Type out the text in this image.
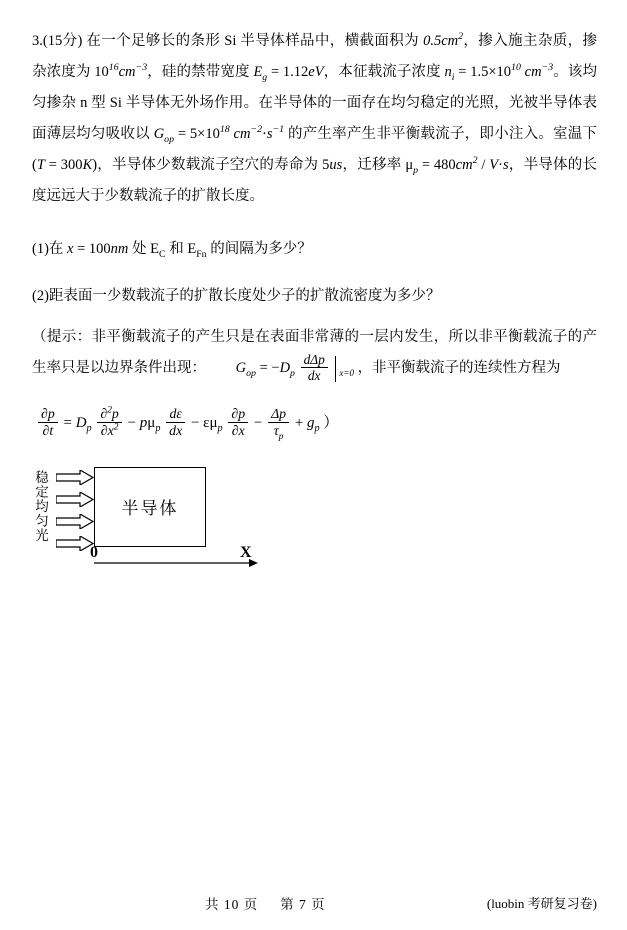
3.(15分) 在一个足够长的条形 Si 半导体样品中，横截面积为 $0.5cm^2$，掺入施主杂质，掺杂浓度为 $10^{16}cm^{-3}$，硅的禁带宽度 $E_g = 1.12eV$，本征载流子浓度 $n_i = 1.5\times 10^{10}$ $cm^{-3}$。该均匀掺杂 n 型 Si 半导体无外场作用。在半导体的一面存在均匀稳定的光照，光被半导体表面薄层均匀吸收以 $G_{op} = 5\times 10^{18}$ $cm^{-2}\cdot s^{-1}$ 的产生率产生非平衡载流子，即小注入。室温下(T = 300K)，半导体少数载流子空穴的寿命为 5us，迁移率 $\mu_p = 480cm^2 / V\cdot s$，半导体的长度远远大于少数载流子的扩散长度。
(1)在 x = 100nm 处 $E_C$ 和 $E_{Fn}$ 的间隔为多少？
(2)距表面一少数载流子的扩散长度处少子的扩散流密度为多少？
（提示：非平衡载流子的产生只是在表面非常薄的一层内发生，所以非平衡载流子的产生率只是以边界条件出现： $G_{op} = -D_p \frac{\text{dΔp}}{dx} _{x=0}$ ，非平衡载流子的连续性方程为
$\frac{\partial p}{\partial t} = D_p \frac{\partial^2p}{\partial x^2} - p\mu_p \frac{d\varepsilon}{dx} - \varepsilon\mu_p \frac{\partial p}{\partial x} - \frac{\Delta p}{\tau_p} + g_p$ ）
稳定均匀光	半导体
0	X
共 10 页 第 7 页	(luobin 考研复习卷)
